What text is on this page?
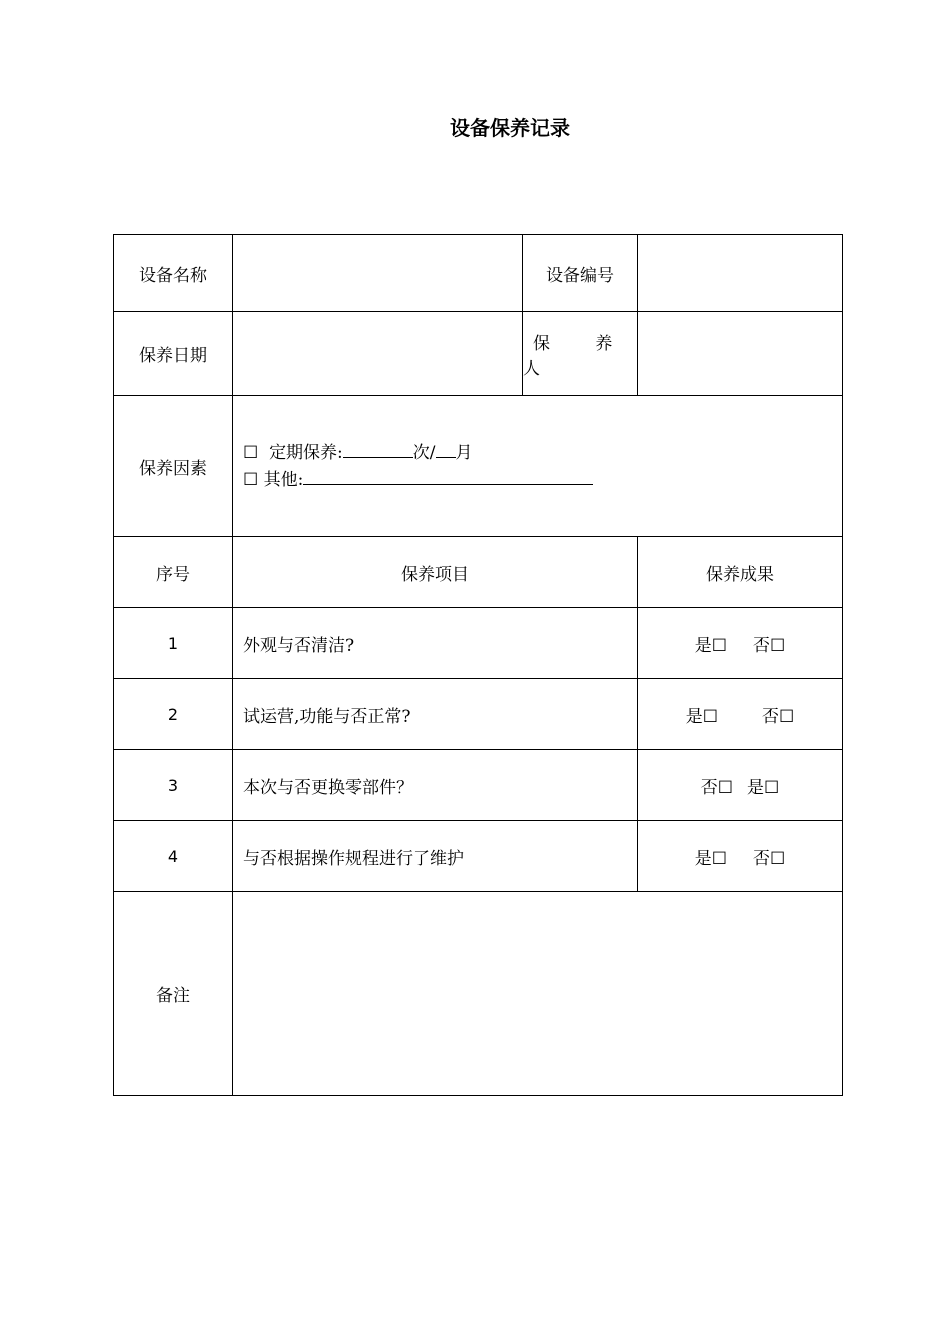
设备保养记录
设备名称		设备编号	
保养日期		保 养 人	
保养因素	☐ 定期保养: 次/ 月
☐ 其他:		

序号	保养项目		保养成果
1	外观与否清洁?		是☐ 否☐
2	试运营,功能与否正常?		是☐ 否☐
3	本次与否更换零部件？		否☐ 是☐
4	与否根据操作规程进行了维护		是☐ 否☐
备注			
